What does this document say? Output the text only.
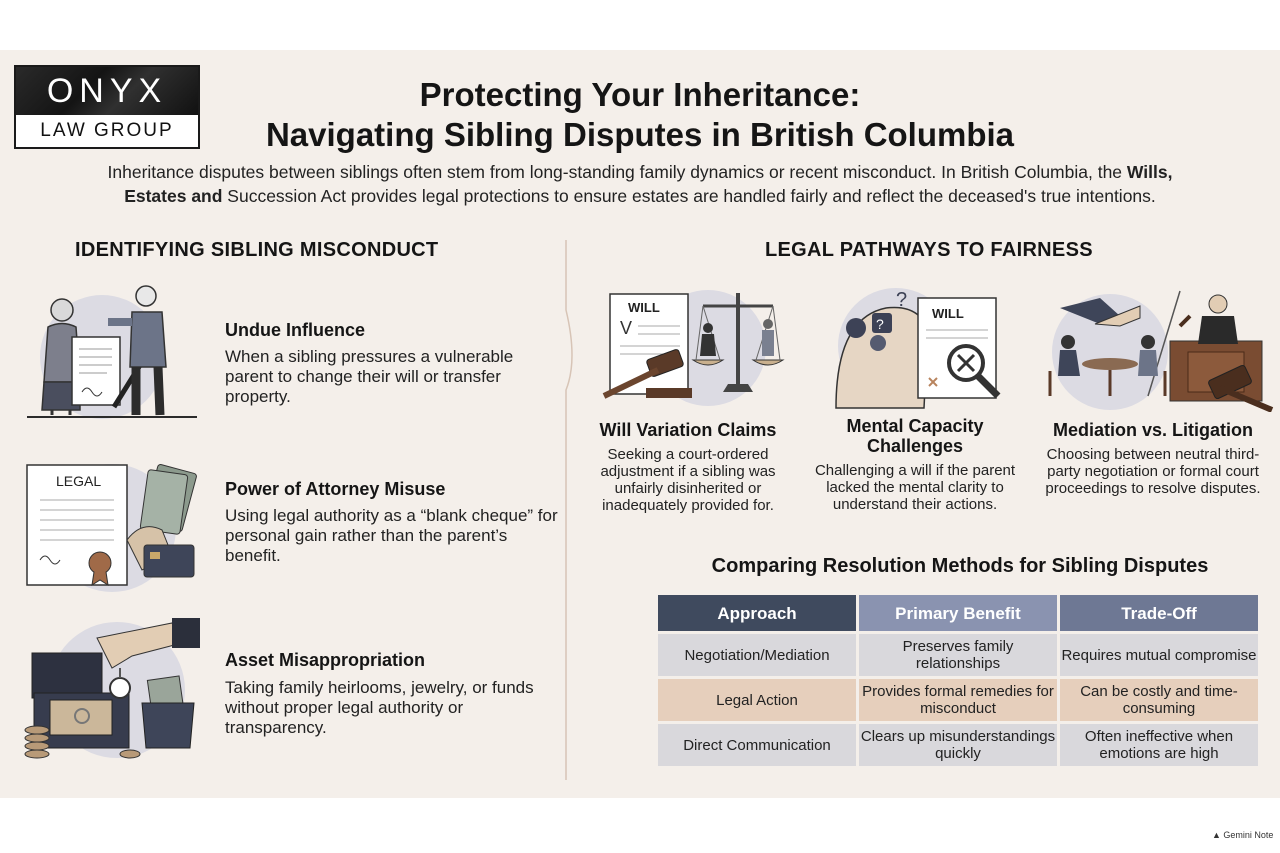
ONYX
LAW GROUP
Protecting Your Inheritance:
Navigating Sibling Disputes in British Columbia
Inheritance disputes between siblings often stem from long-standing family dynamics or recent misconduct. In British Columbia, the Wills,
Estates and Succession Act provides legal protections to ensure estates are handled fairly and reflect the deceased's true intentions.
IDENTIFYING SIBLING MISCONDUCT	LEGAL PATHWAYS TO FAIRNESS
Undue Influence
When a sibling pressures a vulnerable parent to change their will or transfer property.
LEGAL	Power of Attorney Misuse
Using legal authority as a “blank cheque” for personal gain rather than the parent’s benefit.
Asset Misappropriation
Taking family heirlooms, jewelry, or funds without proper legal authority or transparency.
WILL
V
Will Variation Claims
Seeking a court-ordered adjustment if a sibling was unfairly disinherited or inadequately provided for.
?
?
WILL
Mental Capacity Challenges
Challenging a will if the parent lacked the mental clarity to understand their actions.
Mediation vs. Litigation
Choosing between neutral third-party negotiation or formal court proceedings to resolve disputes.
Comparing Resolution Methods for Sibling Disputes
Approach	Primary Benefit	Trade-Off
Negotiation/Mediation	Preserves family relationships	Requires mutual compromise
Legal Action	Provides formal remedies for misconduct	Can be costly and time-consuming
Direct Communication	Clears up misunderstandings quickly	Often ineffective when emotions are high
▲ Gemini Note
